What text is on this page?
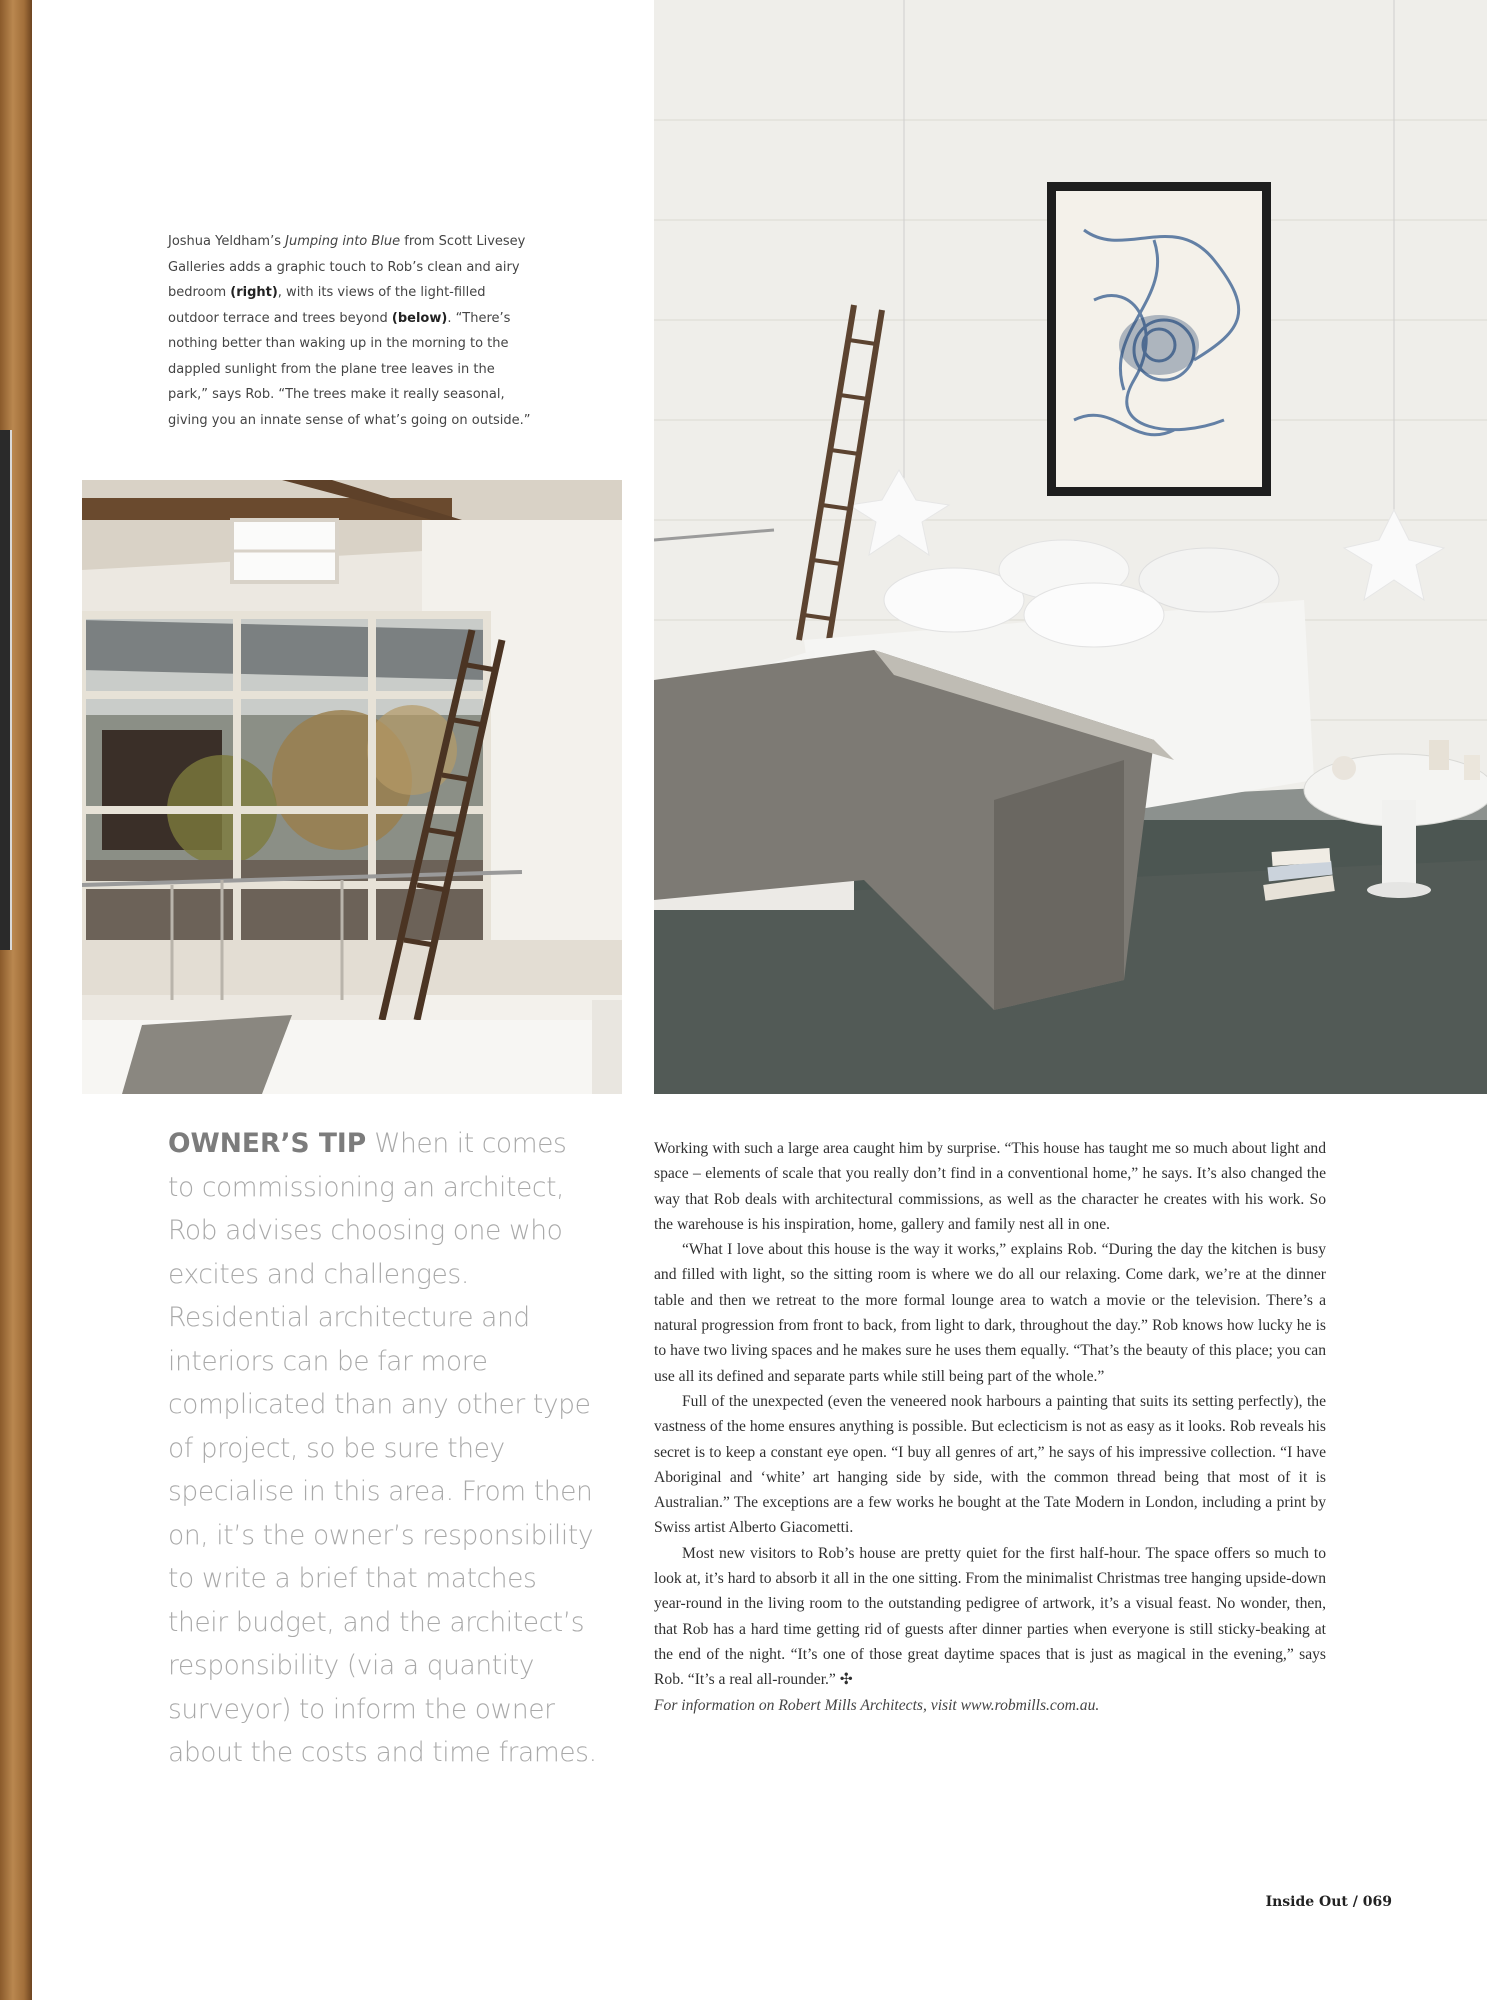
Joshua Yeldham’s Jumping into Blue from Scott Livesey Galleries adds a graphic touch to Rob’s clean and airy bedroom (right), with its views of the light-filled outdoor terrace and trees beyond (below). “There’s nothing better than waking up in the morning to the dappled sunlight from the plane tree leaves in the park,” says Rob. “The trees make it really seasonal, giving you an innate sense of what’s going on outside.”
OWNER’S TIP When it comes to commissioning an architect, Rob advises choosing one who excites and challenges. Residential architecture and interiors can be far more complicated than any other type of project, so be sure they specialise in this area. From then on, it’s the owner’s responsibility to write a brief that matches their budget, and the architect’s responsibility (via a quantity surveyor) to inform the owner about the costs and time frames.

Working with such a large area caught him by surprise. “This house has taught me so much about light and space – elements of scale that you really don’t find in a conventional home,” he says. It’s also changed the way that Rob deals with architectural commissions, as well as the character he creates with his work. So the warehouse is his inspiration, home, gallery and family nest all in one.

“What I love about this house is the way it works,” explains Rob. “During the day the kitchen is busy and filled with light, so the sitting room is where we do all our relaxing. Come dark, we’re at the dinner table and then we retreat to the more formal lounge area to watch a movie or the television. There’s a natural progression from front to back, from light to dark, throughout the day.” Rob knows how lucky he is to have two living spaces and he makes sure he uses them equally. “That’s the beauty of this place; you can use all its defined and separate parts while still being part of the whole.”

Full of the unexpected (even the veneered nook harbours a painting that suits its setting perfectly), the vastness of the home ensures anything is possible. But eclecticism is not as easy as it looks. Rob reveals his secret is to keep a constant eye open. “I buy all genres of art,” he says of his impressive collection. “I have Aboriginal and ‘white’ art hanging side by side, with the common thread being that most of it is Australian.” The exceptions are a few works he bought at the Tate Modern in London, including a print by Swiss artist Alberto Giacometti.

Most new visitors to Rob’s house are pretty quiet for the first half-hour. The space offers so much to look at, it’s hard to absorb it all in the one sitting. From the minimalist Christmas tree hanging upside-down year-round in the living room to the outstanding pedigree of artwork, it’s a visual feast. No wonder, then, that Rob has a hard time getting rid of guests after dinner parties when everyone is still sticky-beaking at the end of the night. “It’s one of those great daytime spaces that is just as magical in the evening,” says Rob. “It’s a real all-rounder.” ✣

For information on Robert Mills Architects, visit www.robmills.com.au.

Inside Out / 069
